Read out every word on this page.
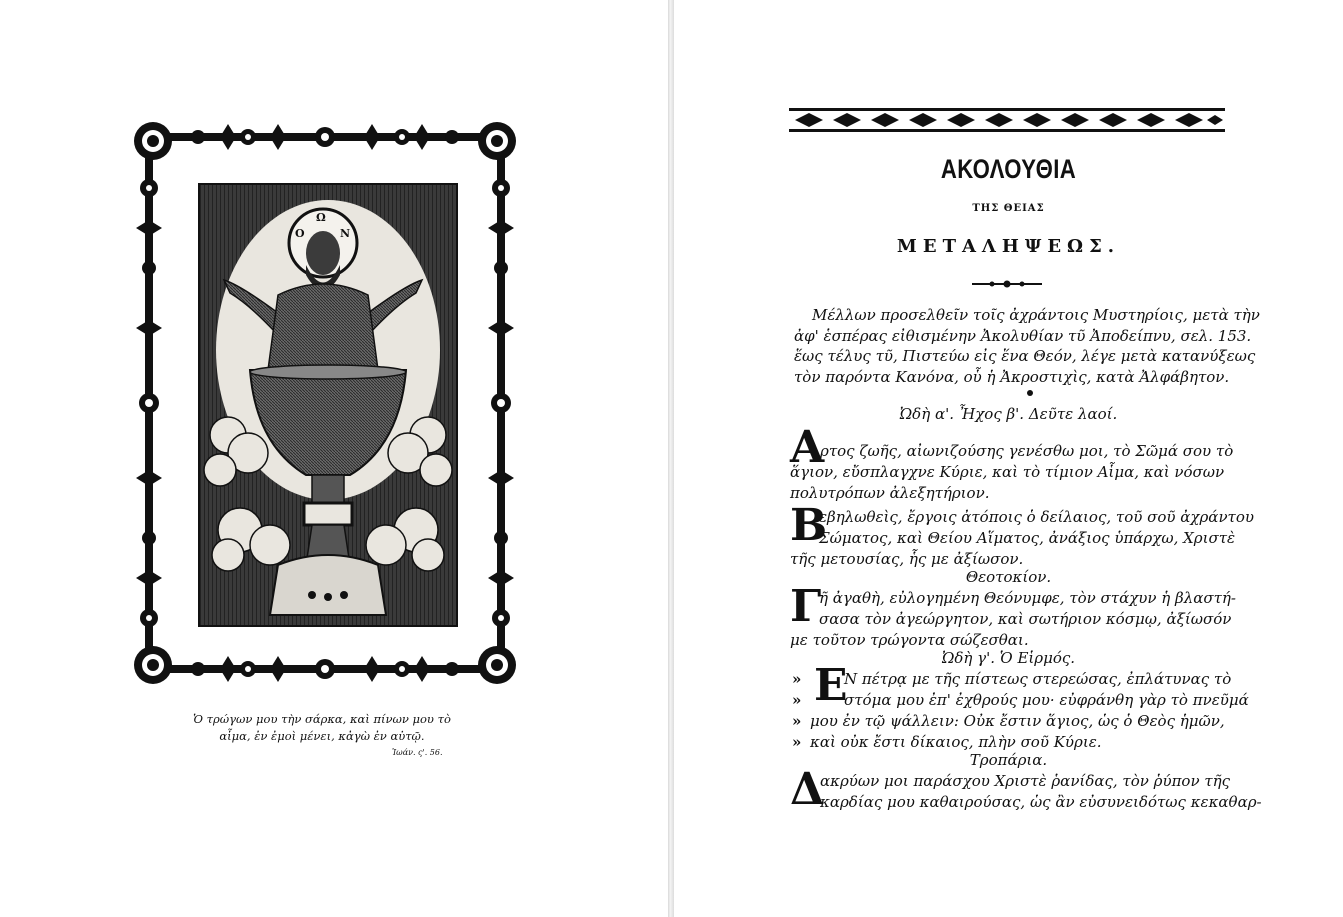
Ο
Ω
Ν
Ὁ τρώγων μου τὴν σάρκα, καὶ πίνων μου τὸ
αἷμα, ἐν ἐμοὶ μένει, κἀγὼ ἐν αὐτῷ.
Ἰωάν. ς'. 56.
ΑΚΟΛΟΥΘΙΑ
ΤΗΣ ΘΕΙΑΣ
ΜΕΤΑΛΗΨΕΩΣ.
Μέλλων προσελθεῖν τοῖς ἀχράντοις Μυστηρίοις, μετὰ τὴν
ἀφ' ἑσπέρας εἰθισμένην Ἀκολυθίαν τῦ Ἀποδείπνυ, σελ. 153.
ἕως τέλυς τῦ, Πιστεύω εἰς ἕνα Θεόν, λέγε μετὰ κατανύξεως
τὸν παρόντα Κανόνα, οὗ ἡ Ἀκροστιχὶς, κατὰ Ἀλφάβητον.
Ὠδὴ α'. Ἦχος β'. Δεῦτε λαοί.
Α
ρτος ζωῆς, αἰωνιζούσης γενέσθω μοι, τὸ Σῶμά σου τὸ
ἅγιον, εὔσπλαγχνε Κύριε, καὶ τὸ τίμιον Αἷμα, καὶ νόσων
πολυτρόπων ἀλεξητήριον.
Β
εβηλωθεὶς, ἔργοις ἀτόποις ὁ δείλαιος, τοῦ σοῦ ἀχράντου
Σώματος, καὶ Θείου Αἵματος, ἀνάξιος ὑπάρχω, Χριστὲ
τῆς μετουσίας, ἧς με ἀξίωσον.
Θεοτοκίον.
Γ
ῆ ἀγαθὴ, εὐλογημένη Θεόνυμφε, τὸν στάχυν ἡ βλαστή-
σασα τὸν ἀγεώργητον, καὶ σωτήριον κόσμῳ, ἀξίωσόν
με τοῦτον τρώγοντα σώζεσθαι.
Ὠδὴ γ'. Ὁ Εἱρμός.
»
»
»
»
Ε
Ν πέτρᾳ με τῆς πίστεως στερεώσας, ἐπλάτυνας τὸ
στόμα μου ἐπ' ἐχθρούς μου· εὐφράνθη γὰρ τὸ πνεῦμά
μου ἐν τῷ ψάλλειν: Οὐκ ἔστιν ἅγιος, ὡς ὁ Θεὸς ἡμῶν,
καὶ οὐκ ἔστι δίκαιος, πλὴν σοῦ Κύριε.
Τροπάρια.
Δ
ακρύων μοι παράσχου Χριστὲ ῥανίδας, τὸν ῥύπον τῆς
καρδίας μου καθαιρούσας, ὡς ἂν εὐσυνειδότως κεκαθαρ-
